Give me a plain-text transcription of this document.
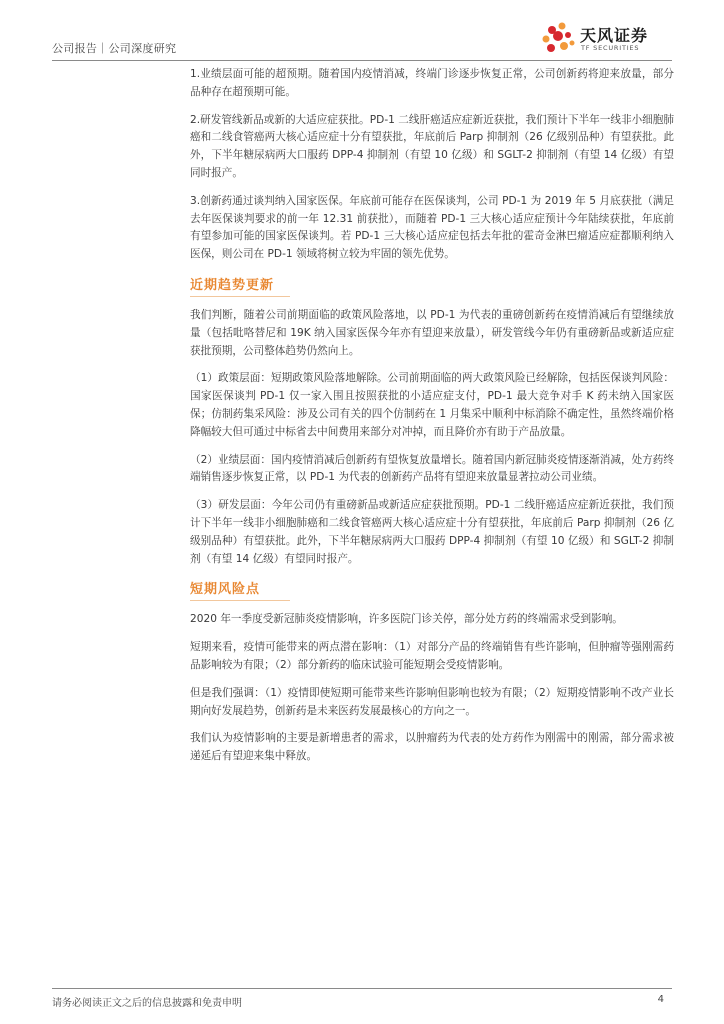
公司报告｜公司深度研究
天风证券
TF SECURITIES

1.业绩层面可能的超预期。随着国内疫情消减，终端门诊逐步恢复正常，公司创新药将迎来放量，部分品种存在超预期可能。

2.研发管线新品或新的大适应症获批。PD-1 二线肝癌适应症新近获批，我们预计下半年一线非小细胞肺癌和二线食管癌两大核心适应症十分有望获批，年底前后 Parp 抑制剂（26 亿级别品种）有望获批。此外，下半年糖尿病两大口服药 DPP-4 抑制剂（有望 10 亿级）和 SGLT-2 抑制剂（有望 14 亿级）有望同时报产。

3.创新药通过谈判纳入国家医保。年底前可能存在医保谈判，公司 PD-1 为 2019 年 5 月底获批（满足去年医保谈判要求的前一年 12.31 前获批），而随着 PD-1 三大核心适应症预计今年陆续获批，年底前有望参加可能的国家医保谈判。若 PD-1 三大核心适应症包括去年批的霍奇金淋巴瘤适应症都顺利纳入医保，则公司在 PD-1 领域将树立较为牢固的领先优势。

近期趋势更新

我们判断，随着公司前期面临的政策风险落地，以 PD-1 为代表的重磅创新药在疫情消减后有望继续放量（包括吡咯替尼和 19K 纳入国家医保今年亦有望迎来放量），研发管线今年仍有重磅新品或新适应症获批预期，公司整体趋势仍然向上。

（1）政策层面：短期政策风险落地解除。公司前期面临的两大政策风险已经解除，包括医保谈判风险：国家医保谈判 PD-1 仅一家入围且按照获批的小适应症支付，PD-1 最大竞争对手 K 药未纳入国家医保；仿制药集采风险：涉及公司有关的四个仿制药在 1 月集采中顺利中标消除不确定性，虽然终端价格降幅较大但可通过中标省去中间费用来部分对冲掉，而且降价亦有助于产品放量。

（2）业绩层面：国内疫情消减后创新药有望恢复放量增长。随着国内新冠肺炎疫情逐渐消减，处方药终端销售逐步恢复正常，以 PD-1 为代表的创新药产品将有望迎来放量显著拉动公司业绩。

（3）研发层面：今年公司仍有重磅新品或新适应症获批预期。PD-1 二线肝癌适应症新近获批，我们预计下半年一线非小细胞肺癌和二线食管癌两大核心适应症十分有望获批，年底前后 Parp 抑制剂（26 亿级别品种）有望获批。此外，下半年糖尿病两大口服药 DPP-4 抑制剂（有望 10 亿级）和 SGLT-2 抑制剂（有望 14 亿级）有望同时报产。

短期风险点

2020 年一季度受新冠肺炎疫情影响，许多医院门诊关停，部分处方药的终端需求受到影响。

短期来看，疫情可能带来的两点潜在影响：（1）对部分产品的终端销售有些许影响，但肿瘤等强刚需药品影响较为有限；（2）部分新药的临床试验可能短期会受疫情影响。

但是我们强调：（1）疫情即使短期可能带来些许影响但影响也较为有限；（2）短期疫情影响不改产业长期向好发展趋势，创新药是未来医药发展最核心的方向之一。

我们认为疫情影响的主要是新增患者的需求，以肿瘤药为代表的处方药作为刚需中的刚需，部分需求被递延后有望迎来集中释放。

请务必阅读正文之后的信息披露和免责申明	4
